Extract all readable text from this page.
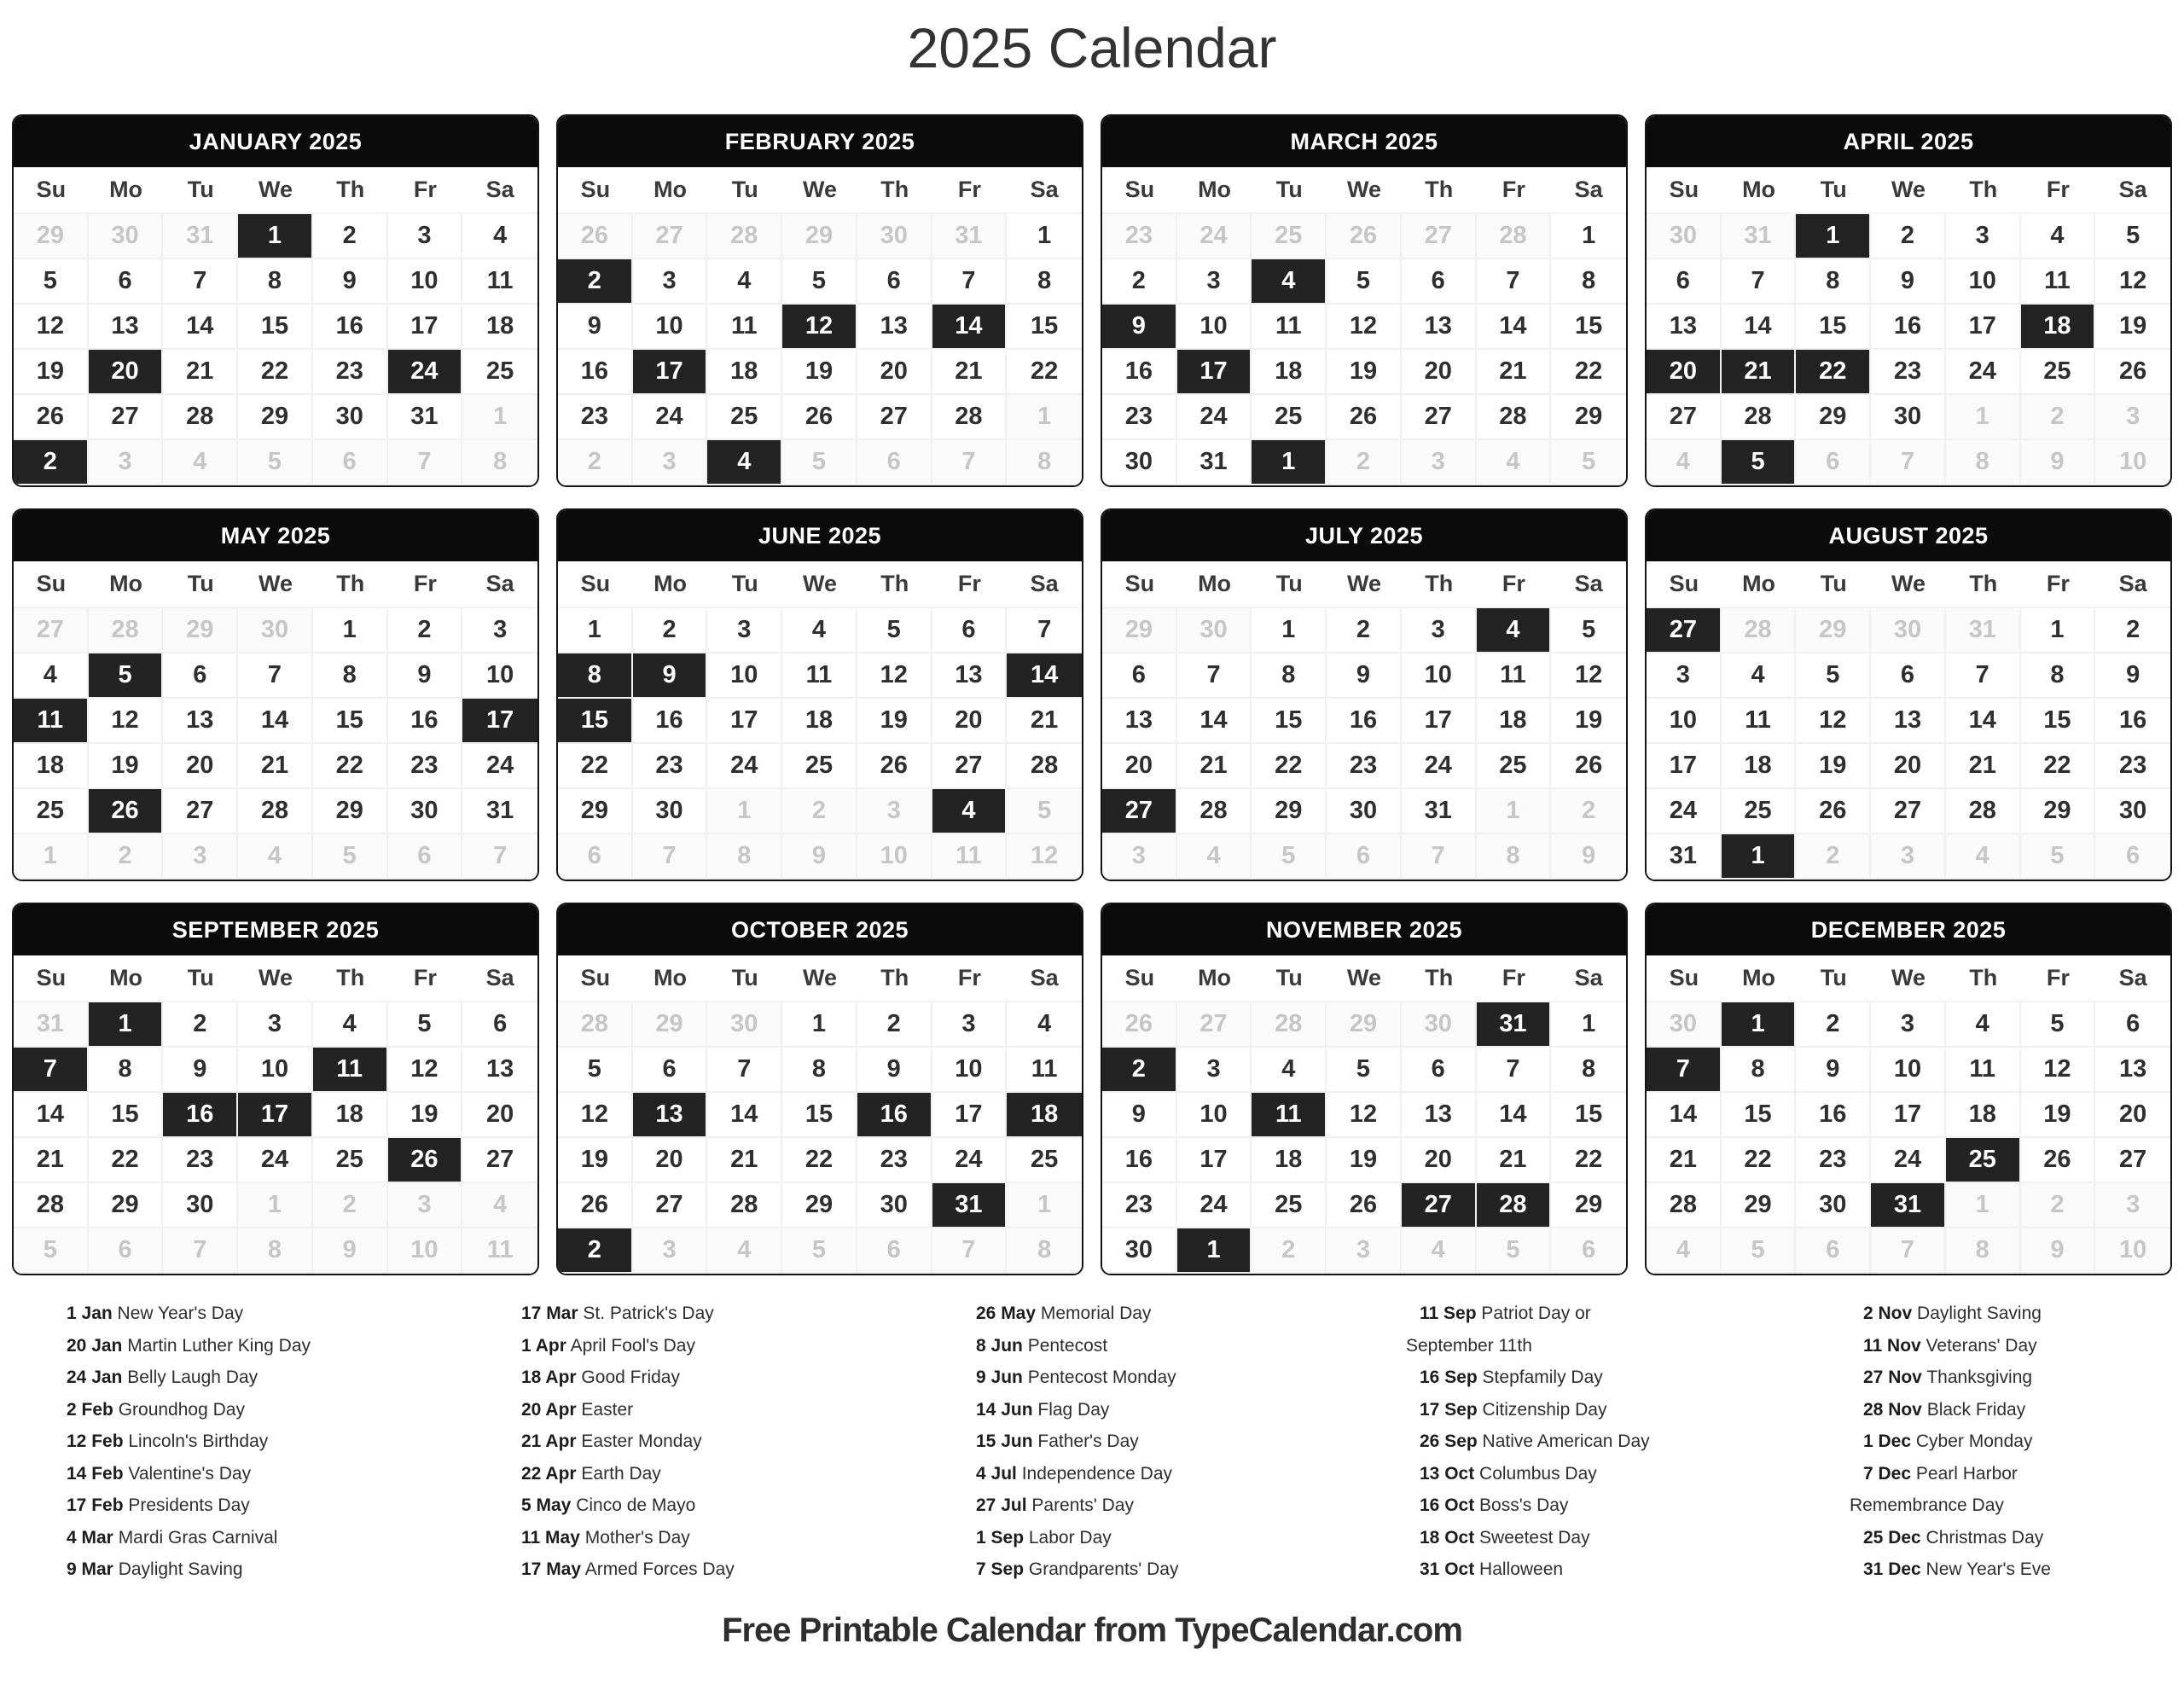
2025 Calendar
JANUARY 2025
Su	Mo	Tu	We	Th	Fr	Sa
29	30	31	1	2	3	4
5	6	7	8	9	10	11
12	13	14	15	16	17	18
19	20	21	22	23	24	25
26	27	28	29	30	31	1
2	3	4	5	6	7	8
FEBRUARY 2025
Su	Mo	Tu	We	Th	Fr	Sa
26	27	28	29	30	31	1
2	3	4	5	6	7	8
9	10	11	12	13	14	15
16	17	18	19	20	21	22
23	24	25	26	27	28	1
2	3	4	5	6	7	8
MARCH 2025
Su	Mo	Tu	We	Th	Fr	Sa
23	24	25	26	27	28	1
2	3	4	5	6	7	8
9	10	11	12	13	14	15
16	17	18	19	20	21	22
23	24	25	26	27	28	29
30	31	1	2	3	4	5
APRIL 2025
Su	Mo	Tu	We	Th	Fr	Sa
30	31	1	2	3	4	5
6	7	8	9	10	11	12
13	14	15	16	17	18	19
20	21	22	23	24	25	26
27	28	29	30	1	2	3
4	5	6	7	8	9	10
MAY 2025
Su	Mo	Tu	We	Th	Fr	Sa
27	28	29	30	1	2	3
4	5	6	7	8	9	10
11	12	13	14	15	16	17
18	19	20	21	22	23	24
25	26	27	28	29	30	31
1	2	3	4	5	6	7
JUNE 2025
Su	Mo	Tu	We	Th	Fr	Sa
1	2	3	4	5	6	7
8	9	10	11	12	13	14
15	16	17	18	19	20	21
22	23	24	25	26	27	28
29	30	1	2	3	4	5
6	7	8	9	10	11	12
JULY 2025
Su	Mo	Tu	We	Th	Fr	Sa
29	30	1	2	3	4	5
6	7	8	9	10	11	12
13	14	15	16	17	18	19
20	21	22	23	24	25	26
27	28	29	30	31	1	2
3	4	5	6	7	8	9
AUGUST 2025
Su	Mo	Tu	We	Th	Fr	Sa
27	28	29	30	31	1	2
3	4	5	6	7	8	9
10	11	12	13	14	15	16
17	18	19	20	21	22	23
24	25	26	27	28	29	30
31	1	2	3	4	5	6
SEPTEMBER 2025
Su	Mo	Tu	We	Th	Fr	Sa
31	1	2	3	4	5	6
7	8	9	10	11	12	13
14	15	16	17	18	19	20
21	22	23	24	25	26	27
28	29	30	1	2	3	4
5	6	7	8	9	10	11
OCTOBER 2025
Su	Mo	Tu	We	Th	Fr	Sa
28	29	30	1	2	3	4
5	6	7	8	9	10	11
12	13	14	15	16	17	18
19	20	21	22	23	24	25
26	27	28	29	30	31	1
2	3	4	5	6	7	8
NOVEMBER 2025
Su	Mo	Tu	We	Th	Fr	Sa
26	27	28	29	30	31	1
2	3	4	5	6	7	8
9	10	11	12	13	14	15
16	17	18	19	20	21	22
23	24	25	26	27	28	29
30	1	2	3	4	5	6
DECEMBER 2025
Su	Mo	Tu	We	Th	Fr	Sa
30	1	2	3	4	5	6
7	8	9	10	11	12	13
14	15	16	17	18	19	20
21	22	23	24	25	26	27
28	29	30	31	1	2	3
4	5	6	7	8	9	10
1 Jan New Year's Day
20 Jan Martin Luther King Day
24 Jan Belly Laugh Day
2 Feb Groundhog Day
12 Feb Lincoln's Birthday
14 Feb Valentine's Day
17 Feb Presidents Day
4 Mar Mardi Gras Carnival
9 Mar Daylight Saving
17 Mar St. Patrick's Day
1 Apr April Fool's Day
18 Apr Good Friday
20 Apr Easter
21 Apr Easter Monday
22 Apr Earth Day
5 May Cinco de Mayo
11 May Mother's Day
17 May Armed Forces Day
26 May Memorial Day
8 Jun Pentecost
9 Jun Pentecost Monday
14 Jun Flag Day
15 Jun Father's Day
4 Jul Independence Day
27 Jul Parents' Day
1 Sep Labor Day
7 Sep Grandparents' Day
11 Sep Patriot Day or September 11th
16 Sep Stepfamily Day
17 Sep Citizenship Day
26 Sep Native American Day
13 Oct Columbus Day
16 Oct Boss's Day
18 Oct Sweetest Day
31 Oct Halloween
2 Nov Daylight Saving
11 Nov Veterans' Day
27 Nov Thanksgiving
28 Nov Black Friday
1 Dec Cyber Monday
7 Dec Pearl Harbor Remembrance Day
25 Dec Christmas Day
31 Dec New Year's Eve
Free Printable Calendar from TypeCalendar.com
